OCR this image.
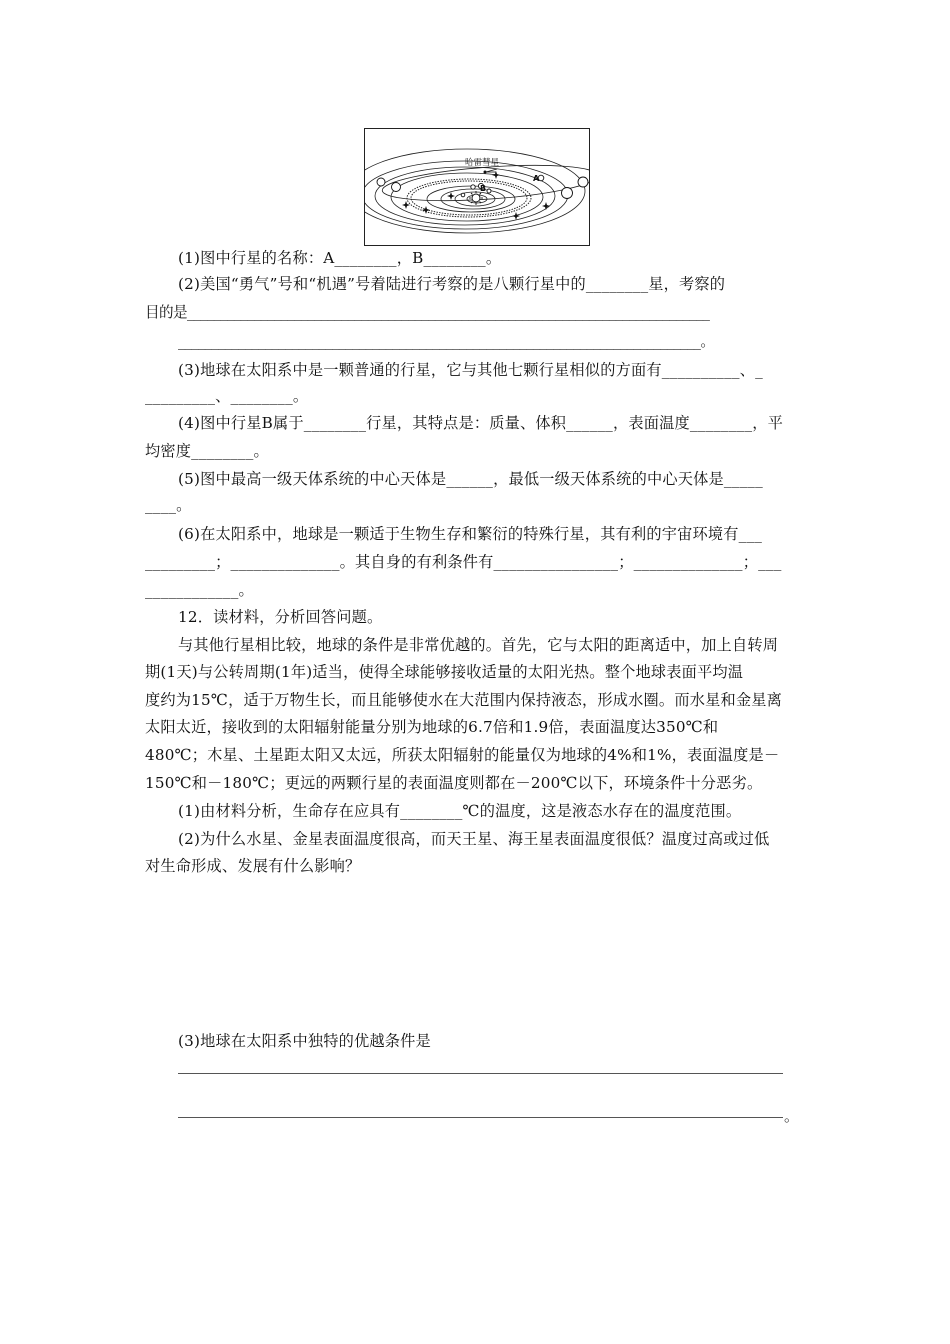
哈雷彗星
A
B
(1)图中行星的名称：A________，B________。
(2)美国“勇气”号和“机遇”号着陆进行考察的是八颗行星中的________星，考察的
目的是______________________________________________________________________________
______________________________________________________________________________。
(3)地球在太阳系中是一颗普通的行星，它与其他七颗行星相似的方面有__________、_
_________、________。
(4)图中行星B属于________行星，其特点是：质量、体积______，表面温度________，平
均密度________。
(5)图中最高一级天体系统的中心天体是______，最低一级天体系统的中心天体是_____
____。
(6)在太阳系中，地球是一颗适于生物生存和繁衍的特殊行星，其有利的宇宙环境有___
_________；______________。其自身的有利条件有________________；______________；___
____________。
12．读材料，分析回答问题。
与其他行星相比较，地球的条件是非常优越的。首先，它与太阳的距离适中，加上自转周
期(1天)与公转周期(1年)适当，使得全球能够接收适量的太阳光热。整个地球表面平均温
度约为15℃，适于万物生长，而且能够使水在大范围内保持液态，形成水圈。而水星和金星离
太阳太近，接收到的太阳辐射能量分别为地球的6.7倍和1.9倍，表面温度达350℃和
480℃；木星、土星距太阳又太远，所获太阳辐射的能量仅为地球的4%和1%，表面温度是－
150℃和－180℃；更远的两颗行星的表面温度则都在－200℃以下，环境条件十分恶劣。
(1)由材料分析，生命存在应具有________℃的温度，这是液态水存在的温度范围。
(2)为什么水星、金星表面温度很高，而天王星、海王星表面温度很低？温度过高或过低
对生命形成、发展有什么影响？
(3)地球在太阳系中独特的优越条件是
。
